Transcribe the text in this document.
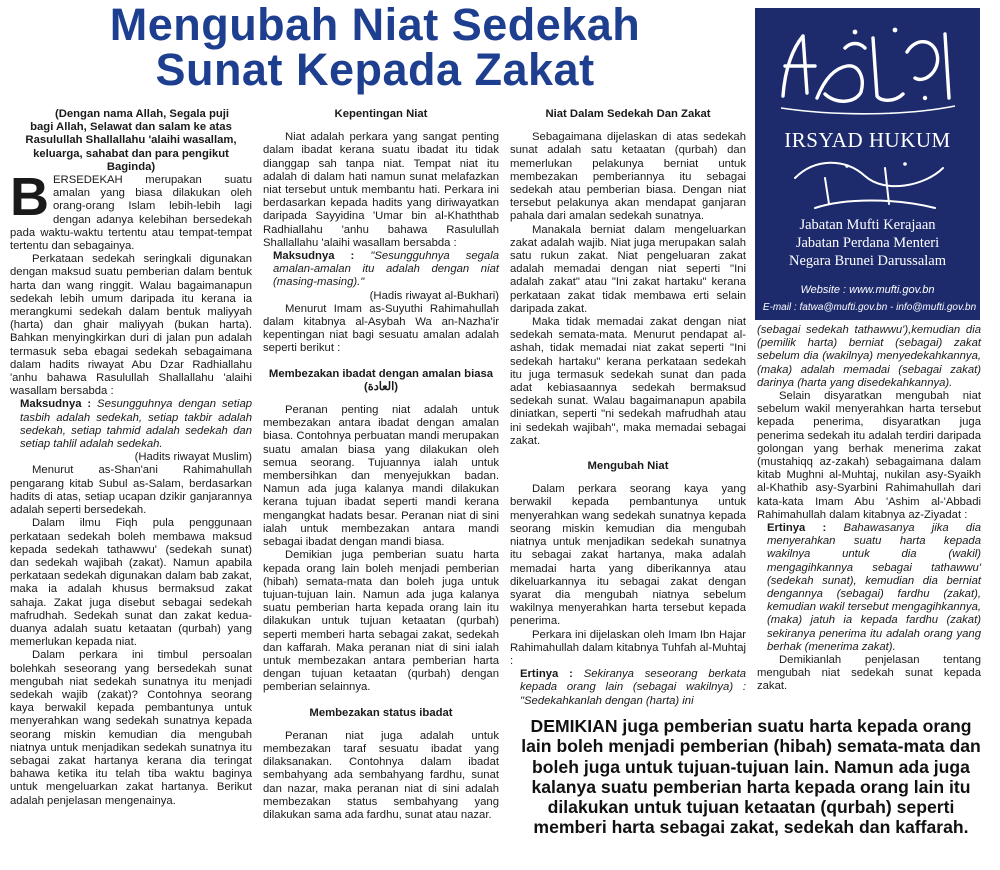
Mengubah Niat Sedekah
Sunat Kepada Zakat
IRSYAD HUKUM
Jabatan Mufti Kerajaan
Jabatan Perdana Menteri
Negara Brunei Darussalam
Website : www.mufti.gov.bn
E-mail : fatwa@mufti.gov.bn - info@mufti.gov.bn

(Dengan nama Allah, Segala puji bagi Allah, Selawat dan salam ke atas Rasulullah Shallallahu 'alaihi wasallam, keluarga, sahabat dan para pengikut Baginda)

BERSEDEKAH merupakan suatu amalan yang biasa dilakukan oleh orang-orang Islam lebih-lebih lagi dengan adanya kelebihan bersedekah pada waktu-waktu tertentu atau tempat-tempat tertentu dan sebagainya.

Perkataan sedekah seringkali digunakan dengan maksud suatu pemberian dalam bentuk harta dan wang ringgit. Walau bagaimanapun sedekah lebih umum daripada itu kerana ia merangkumi sedekah dalam bentuk maliyyah (harta) dan ghair maliyyah (bukan harta). Bahkan menyingkirkan duri di jalan pun adalah termasuk seba ebagai sedekah sebagaimana dalam hadits riwayat Abu Dzar Radhiallahu 'anhu bahawa Rasulullah Shallallahu 'alaihi wasallam bersabda :

Maksudnya : Sesungguhnya dengan setiap tasbih adalah sedekah, setiap takbir adalah sedekah, setiap tahmid adalah sedekah dan setiap tahlil adalah sedekah.

(Hadits riwayat Muslim)

Menurut as-Shan'ani Rahimahullah pengarang kitab Subul as-Salam, berdasarkan hadits di atas, setiap ucapan dzikir ganjarannya adalah seperti bersedekah.

Dalam ilmu Fiqh pula penggunaan perkataan sedekah boleh membawa maksud kepada sedekah tathawwu' (sedekah sunat) dan sedekah wajibah (zakat). Namun apabila perkataan sedekah digunakan dalam bab zakat, maka ia adalah khusus bermaksud zakat sahaja. Zakat juga disebut sebagai sedekah mafrudhah. Sedekah sunat dan zakat kedua-duanya adalah suatu ketaatan (qurbah) yang memerlukan kepada niat.

Dalam perkara ini timbul persoalan bolehkah seseorang yang bersedekah sunat mengubah niat sedekah sunatnya itu menjadi sedekah wajib (zakat)? Contohnya seorang kaya berwakil kepada pembantunya untuk menyerahkan wang sedekah sunatnya kepada seorang miskin kemudian dia mengubah niatnya untuk menjadikan sedekah sunatnya itu sebagai zakat hartanya kerana dia teringat bahawa ketika itu telah tiba waktu baginya untuk mengeluarkan zakat hartanya. Berikut adalah penjelasan mengenainya.

Kepentingan Niat

Niat adalah perkara yang sangat penting dalam ibadat kerana suatu ibadat itu tidak dianggap sah tanpa niat. Tempat niat itu adalah di dalam hati namun sunat melafazkan niat tersebut untuk membantu hati. Perkara ini berdasarkan kepada hadits yang diriwayatkan daripada Sayyidina 'Umar bin al-Khaththab Radhiallahu 'anhu bahawa Rasulullah Shallallahu 'alaihi wasallam bersabda :

Maksudnya : "Sesungguhnya segala amalan-amalan itu adalah dengan niat (masing-masing)."

(Hadis riwayat al-Bukhari)

Menurut Imam as-Suyuthi Rahimahullah dalam kitabnya al-Asybah Wa an-Nazha'ir kepentingan niat bagi sesuatu amalan adalah seperti berikut :

Membezakan ibadat dengan amalan biasa (العادة)

Peranan penting niat adalah untuk membezakan antara ibadat dengan amalan biasa. Contohnya perbuatan mandi merupakan suatu amalan biasa yang dilakukan oleh semua seorang. Tujuannya ialah untuk membersihkan dan menyejukkan badan. Namun ada juga kalanya mandi dilakukan kerana tujuan ibadat seperti mandi kerana mengangkat hadats besar. Peranan niat di sini ialah untuk membezakan antara mandi sebagai ibadat dengan mandi biasa.

Demikian juga pemberian suatu harta kepada orang lain boleh menjadi pemberian (hibah) semata-mata dan boleh juga untuk tujuan-tujuan lain. Namun ada juga kalanya suatu pemberian harta kepada orang lain itu dilakukan untuk tujuan ketaatan (qurbah) seperti memberi harta sebagai zakat, sedekah dan kaffarah. Maka peranan niat di sini ialah untuk membezakan antara pemberian harta dengan tujuan ketaatan (qurbah) dengan pemberian selainnya.

Membezakan status ibadat

Peranan niat juga adalah untuk membezakan taraf sesuatu ibadat yang dilaksanakan. Contohnya dalam ibadat sembahyang ada sembahyang fardhu, sunat dan nazar, maka peranan niat di sini adalah membezakan status sembahyang yang dilakukan sama ada fardhu, sunat atau nazar.

Niat Dalam Sedekah Dan Zakat

Sebagaimana dijelaskan di atas sedekah sunat adalah satu ketaatan (qurbah) dan memerlukan pelakunya berniat untuk membezakan pemberiannya itu sebagai sedekah atau pemberian biasa. Dengan niat tersebut pelakunya akan mendapat ganjaran pahala dari amalan sedekah sunatnya.

Manakala berniat dalam mengeluarkan zakat adalah wajib. Niat juga merupakan salah satu rukun zakat. Niat pengeluaran zakat adalah memadai dengan niat seperti "Ini adalah zakat" atau "Ini zakat hartaku" kerana perkataan zakat tidak membawa erti selain daripada zakat.

Maka tidak memadai zakat dengan niat sedekah semata-mata. Menurut pendapat al-ashah, tidak memadai niat zakat seperti "Ini sedekah hartaku" kerana perkataan sedekah itu juga termasuk sedekah sunat dan pada adat kebiasaannya sedekah bermaksud sedekah sunat. Walau bagaimanapun apabila diniatkan, seperti "ni sedekah mafrudhah atau ini sedekah wajibah", maka memadai sebagai zakat.

Mengubah Niat

Dalam perkara seorang kaya yang berwakil kepada pembantunya untuk menyerahkan wang sedekah sunatnya kepada seorang miskin kemudian dia mengubah niatnya untuk menjadikan sedekah sunatnya itu sebagai zakat hartanya, maka adalah memadai harta yang diberikannya atau dikeluarkannya itu sebagai zakat dengan syarat dia mengubah niatnya sebelum wakilnya menyerahkan harta tersebut kepada penerima.

Perkara ini dijelaskan oleh Imam Ibn Hajar Rahimahullah dalam kitabnya Tuhfah al-Muhtaj :

Ertinya : Sekiranya seseorang berkata kepada orang lain (sebagai wakilnya) : "Sedekahkanlah dengan (harta) ini

(sebagai sedekah tathawwu'),kemudian dia (pemilik harta) berniat (sebagai) zakat sebelum dia (wakilnya) menyedekahkannya, (maka) adalah memadai (sebagai zakat) darinya (harta yang disedekahkannya).

Selain disyaratkan mengubah niat sebelum wakil menyerahkan harta tersebut kepada penerima, disyaratkan juga penerima sedekah itu adalah terdiri daripada golongan yang berhak menerima zakat (mustahiqq az-zakah) sebagaimana dalam kitab Mughni al-Muhtaj, nukilan asy-Syaikh al-Khathib asy-Syarbini Rahimahullah dari kata-kata Imam Abu 'Ashim al-'Abbadi Rahimahullah dalam kitabnya az-Ziyadat :

Ertinya : Bahawasanya jika dia menyerahkan suatu harta kepada wakilnya untuk dia (wakil) mengagihkannya sebagai tathawwu' (sedekah sunat), kemudian dia berniat dengannya (sebagai) fardhu (zakat), kemudian wakil tersebut mengagihkannya, (maka) jatuh ia kepada fardhu (zakat) sekiranya penerima itu adalah orang yang berhak (menerima zakat).

Demikianlah penjelasan tentang mengubah niat sedekah sunat kepada zakat.

DEMIKIAN juga pemberian suatu harta kepada orang lain boleh menjadi pemberian (hibah) semata-mata dan boleh juga untuk tujuan-tujuan lain. Namun ada juga kalanya suatu pemberian harta kepada orang lain itu dilakukan untuk tujuan ketaatan (qurbah) seperti memberi harta sebagai zakat, sedekah dan kaffarah.
